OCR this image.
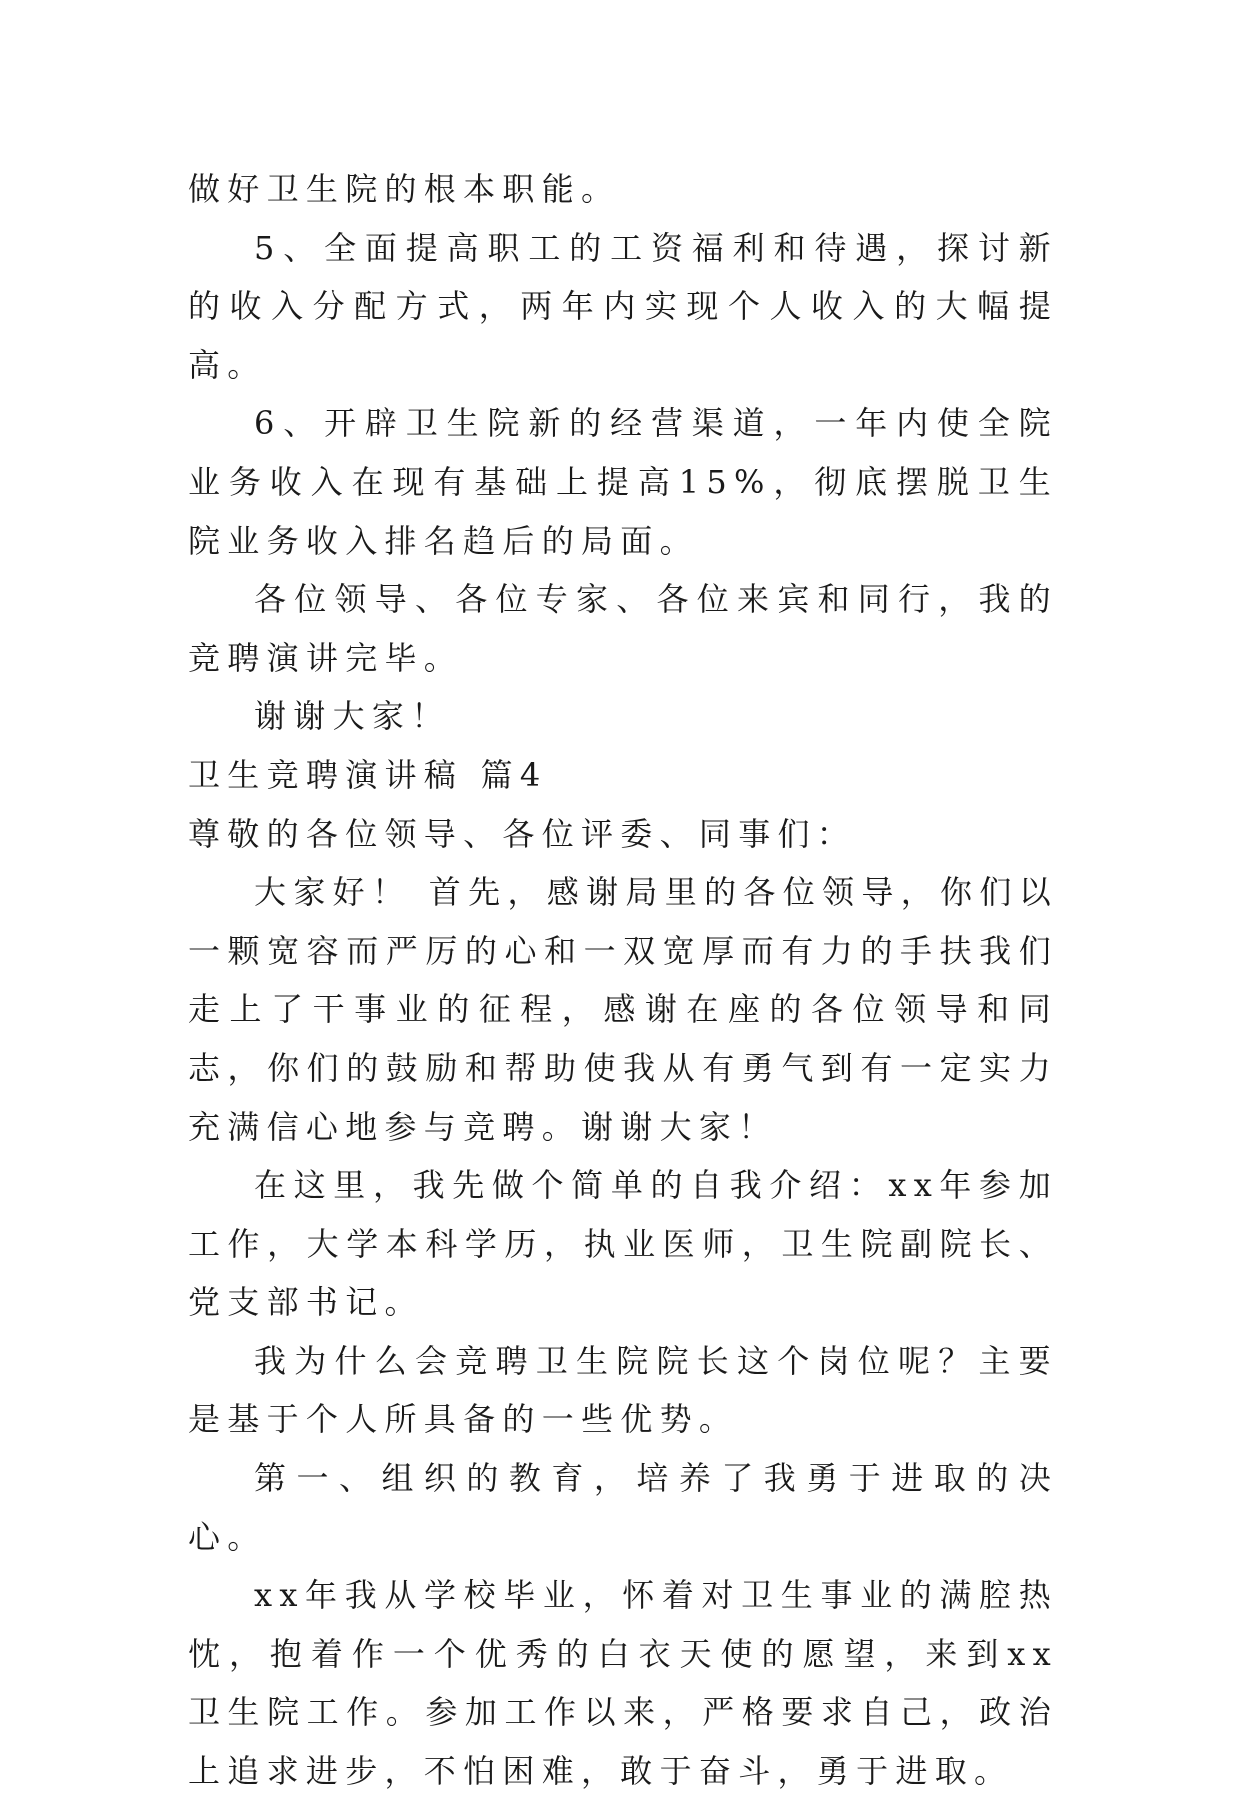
做好卫生院的根本职能。

5、全面提高职工的工资福利和待遇，探讨新的收入分配方式，两年内实现个人收入的大幅提高。

6、开辟卫生院新的经营渠道，一年内使全院业务收入在现有基础上提高15%，彻底摆脱卫生院业务收入排名趋后的局面。

各位领导、各位专家、各位来宾和同行，我的竞聘演讲完毕。

谢谢大家！

卫生竞聘演讲稿 篇4

尊敬的各位领导、各位评委、同事们：

大家好！ 首先，感谢局里的各位领导，你们以一颗宽容而严厉的心和一双宽厚而有力的手扶我们走上了干事业的征程，感谢在座的各位领导和同志，你们的鼓励和帮助使我从有勇气到有一定实力充满信心地参与竞聘。谢谢大家！

在这里，我先做个简单的自我介绍：xx年参加工作，大学本科学历，执业医师，卫生院副院长、党支部书记。

我为什么会竞聘卫生院院长这个岗位呢？主要是基于个人所具备的一些优势。

第一、组织的教育，培养了我勇于进取的决心。

xx年我从学校毕业，怀着对卫生事业的满腔热忱，抱着作一个优秀的白衣天使的愿望，来到xx卫生院工作。参加工作以来，严格要求自己，政治上追求进步，不怕困难，敢于奋斗，勇于进取。
